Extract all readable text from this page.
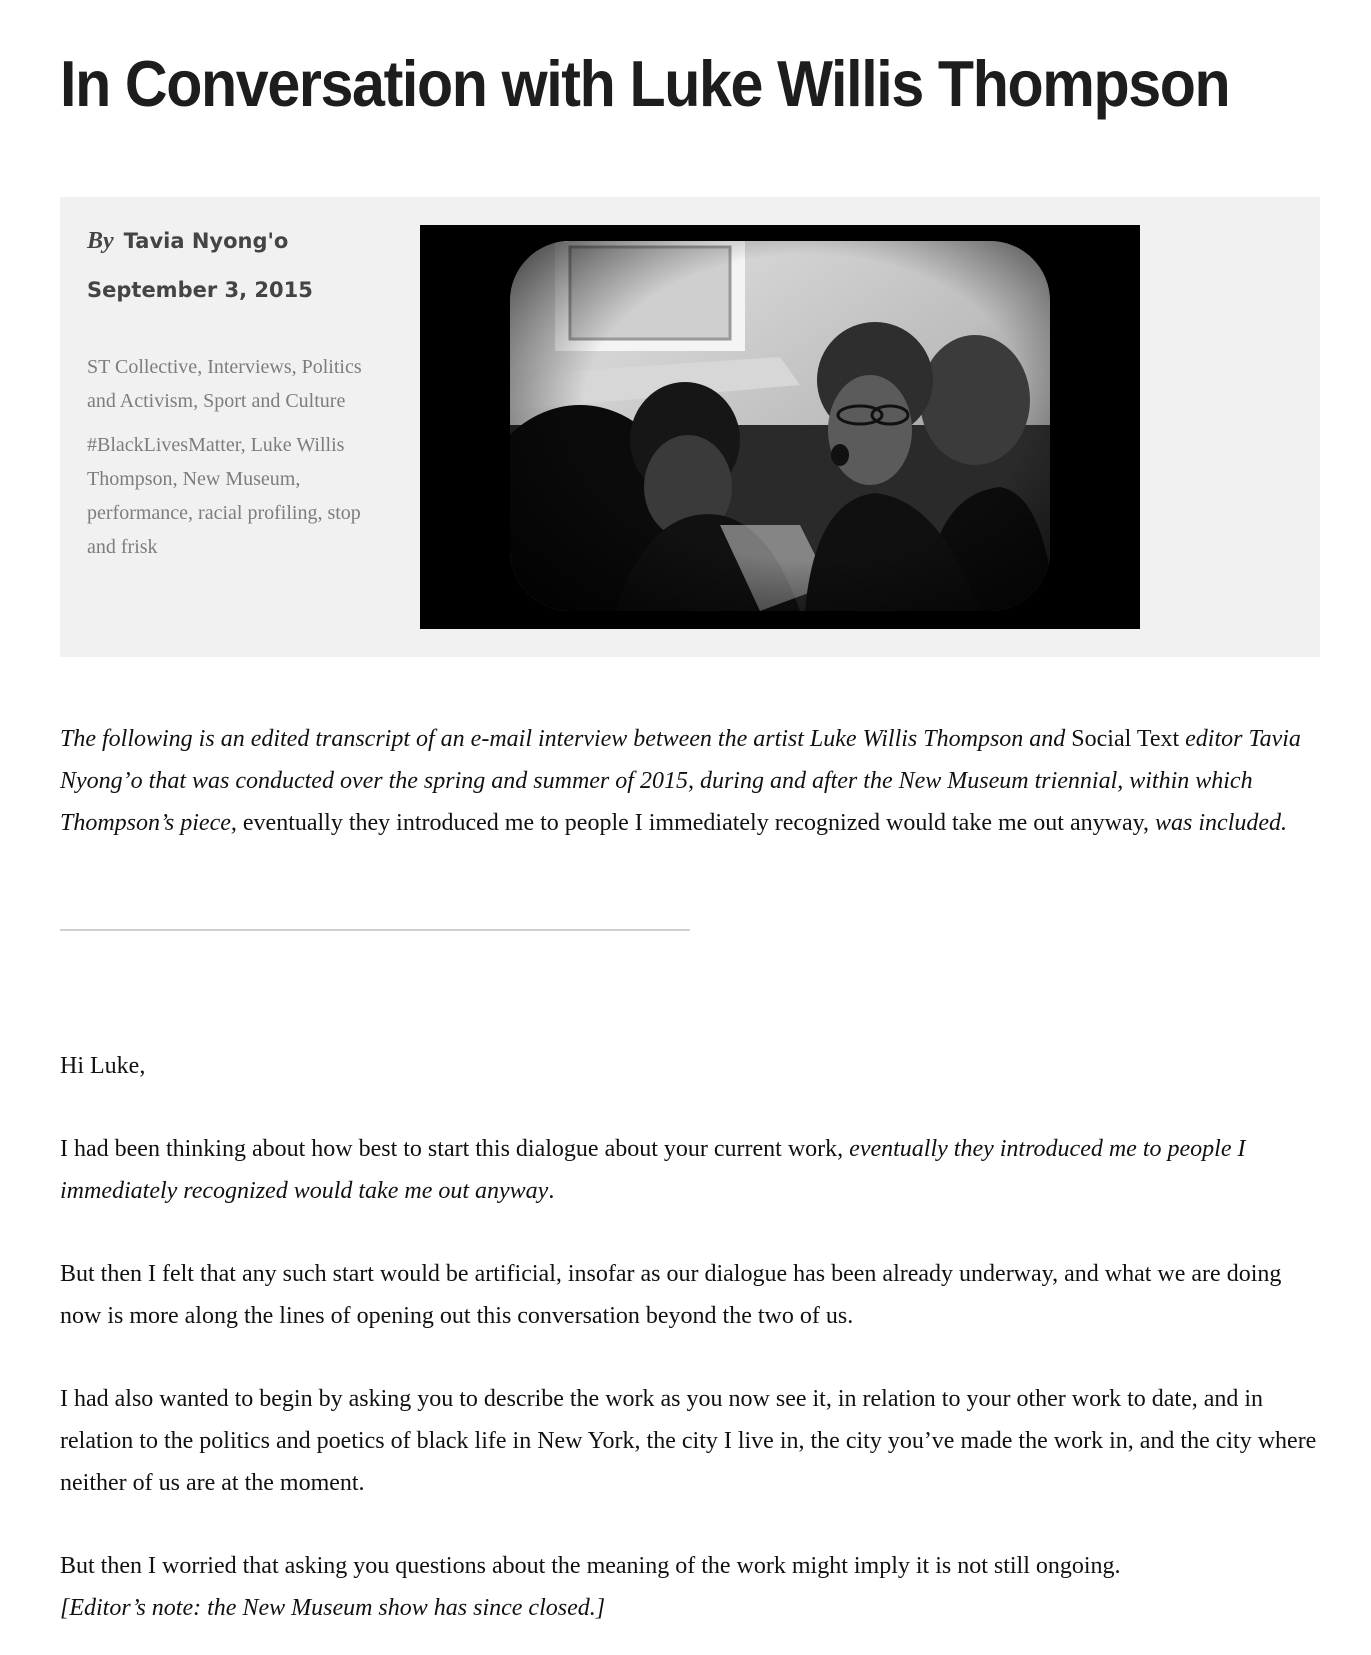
In Conversation with Luke Willis Thompson
By Tavia Nyong'o
September 3, 2015
ST Collective, Interviews, Politics and Activism, Sport and Culture
#BlackLivesMatter, Luke Willis Thompson, New Museum, performance, racial profiling, stop and frisk

The following is an edited transcript of an e-mail interview between the artist Luke Willis Thompson and Social Text editor Tavia Nyong’o that was conducted over the spring and summer of 2015, during and after the New Museum triennial, within which Thompson’s piece, eventually they introduced me to people I immediately recognized would take me out anyway, was included.

Hi Luke,

I had been thinking about how best to start this dialogue about your current work, eventually they introduced me to people I immediately recognized would take me out anyway.

But then I felt that any such start would be artificial, insofar as our dialogue has been already underway, and what we are doing now is more along the lines of opening out this conversation beyond the two of us.

I had also wanted to begin by asking you to describe the work as you now see it, in relation to your other work to date, and in relation to the politics and poetics of black life in New York, the city I live in, the city you’ve made the work in, and the city where neither of us are at the moment.

But then I worried that asking you questions about the meaning of the work might imply it is not still ongoing.
[Editor’s note: the New Museum show has since closed.]
